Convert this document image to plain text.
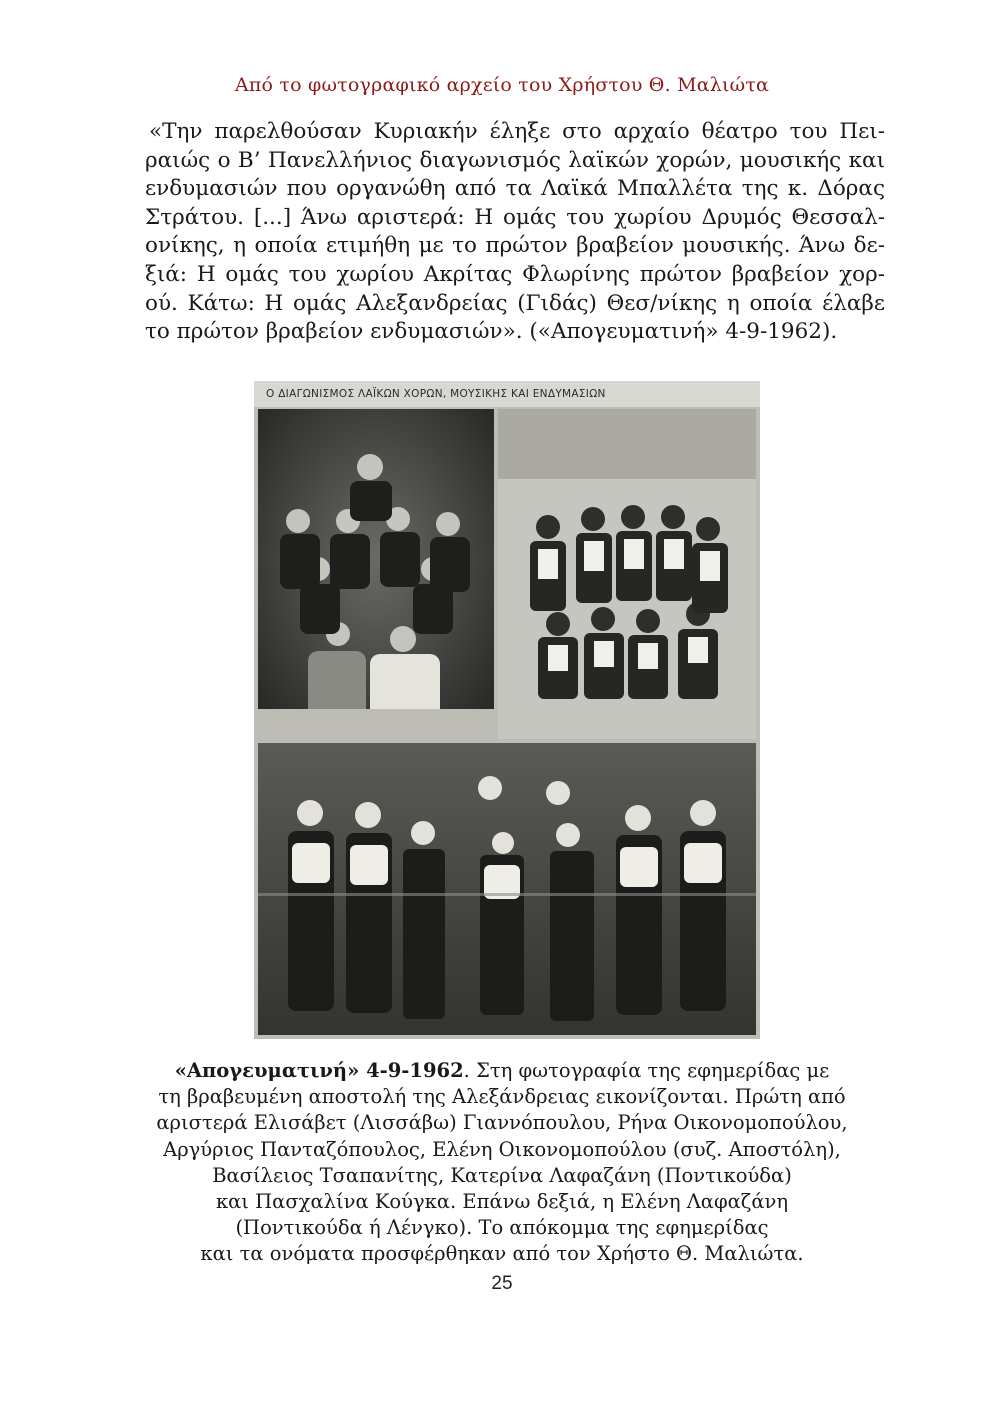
Από το φωτογραφικό αρχείο του Χρήστου Θ. Μαλιώτα
«Την παρελθούσαν Κυριακήν έληξε στο αρχαίο θέατρο του Πει-
ραιώς ο Β’ Πανελλήνιος διαγωνισμός λαϊκών χορών, μουσικής και
ενδυμασιών που οργανώθη από τα Λαϊκά Μπαλλέτα της κ. Δόρας
Στράτου. [...] Άνω αριστερά: Η ομάς του χωρίου Δρυμός Θεσσαλ-
ονίκης, η οποία ετιμήθη με το πρώτον βραβείον μουσικής. Άνω δε-
ξιά: Η ομάς του χωρίου Ακρίτας Φλωρίνης πρώτον βραβείον χορ-
ού. Κάτω: Η ομάς Αλεξανδρείας (Γιδάς) Θεσ/νίκης η οποία έλαβε
το πρώτον βραβείον ενδυμασιών». («Απογευματινή» 4-9-1962).
Ο ΔΙΑΓΩΝΙΣΜΟΣ ΛΑΪΚΩΝ ΧΟΡΩΝ, ΜΟΥΣΙΚΗΣ ΚΑΙ ΕΝΔΥΜΑΣΙΩΝ
«Απογευματινή» 4-9-1962. Στη φωτογραφία της εφημερίδας με
τη βραβευμένη αποστολή της Αλεξάνδρειας εικονίζονται. Πρώτη από
αριστερά Ελισάβετ (Λισσάβω) Γιαννόπουλου, Ρήνα Οικονομοπούλου,
Αργύριος Πανταζόπουλος, Ελένη Οικονομοπούλου (συζ. Αποστόλη),
Βασίλειος Τσαπανίτης, Κατερίνα Λαφαζάνη (Ποντικούδα)
και Πασχαλίνα Κούγκα. Επάνω δεξιά, η Ελένη Λαφαζάνη
(Ποντικούδα ή Λένγκο). Το απόκομμα της εφημερίδας
και τα ονόματα προσφέρθηκαν από τον Χρήστο Θ. Μαλιώτα.
25
